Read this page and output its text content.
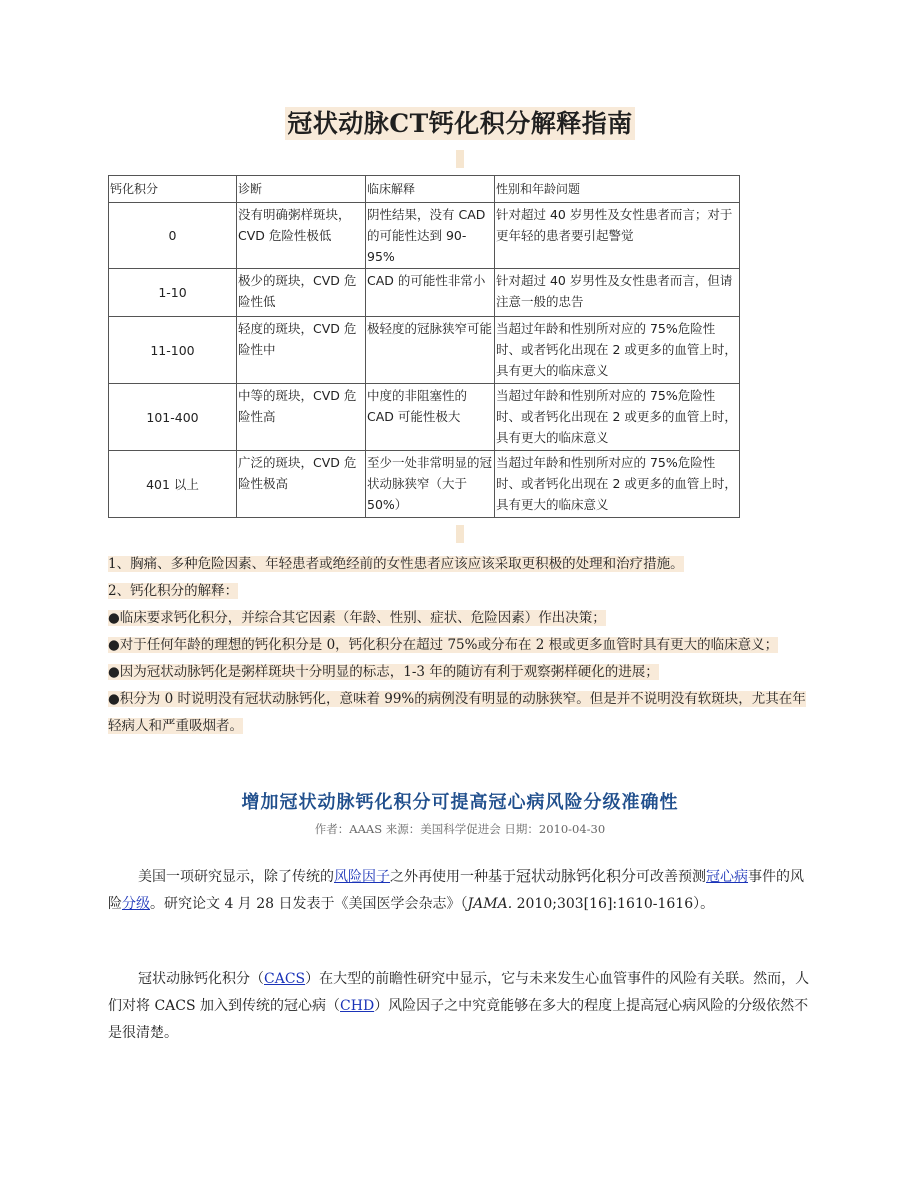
冠状动脉CT钙化积分解释指南
钙化积分	诊断	临床解释	性别和年龄问题
0	没有明确粥样斑块，CVD 危险性极低	阴性结果，没有 CAD 的可能性达到 90-95%	针对超过 40 岁男性及女性患者而言；对于更年轻的患者要引起警觉
1-10	极少的斑块，CVD 危险性低	CAD 的可能性非常小	针对超过 40 岁男性及女性患者而言，但请注意一般的忠告
11-100	轻度的斑块，CVD 危险性中	极轻度的冠脉狭窄可能	当超过年龄和性别所对应的 75%危险性时、或者钙化出现在 2 或更多的血管上时，具有更大的临床意义
101-400	中等的斑块，CVD 危险性高	中度的非阻塞性的 CAD 可能性极大	当超过年龄和性别所对应的 75%危险性时、或者钙化出现在 2 或更多的血管上时，具有更大的临床意义
401 以上	广泛的斑块，CVD 危险性极高	至少一处非常明显的冠状动脉狭窄（大于 50%）	当超过年龄和性别所对应的 75%危险性时、或者钙化出现在 2 或更多的血管上时，具有更大的临床意义

1、胸痛、多种危险因素、年轻患者或绝经前的女性患者应该应该采取更积极的处理和治疗措施。

2、钙化积分的解释：

●临床要求钙化积分，并综合其它因素（年龄、性别、症状、危险因素）作出决策；

●对于任何年龄的理想的钙化积分是 0，钙化积分在超过 75%或分布在 2 根或更多血管时具有更大的临床意义；

●因为冠状动脉钙化是粥样斑块十分明显的标志，1-3 年的随访有利于观察粥样硬化的进展；

●积分为 0 时说明没有冠状动脉钙化，意味着 99%的病例没有明显的动脉狭窄。但是并不说明没有软斑块，尤其在年轻病人和严重吸烟者。

增加冠状动脉钙化积分可提高冠心病风险分级准确性
作者：AAAS 来源：美国科学促进会 日期：2010-04-30

美国一项研究显示，除了传统的风险因子之外再使用一种基于冠状动脉钙化积分可改善预测冠心病事件的风险分级。研究论文 4 月 28 日发表于《美国医学会杂志》（JAMA. 2010;303[16]:1610-1616）。

冠状动脉钙化积分（CACS）在大型的前瞻性研究中显示，它与未来发生心血管事件的风险有关联。然而，人们对将 CACS 加入到传统的冠心病（CHD）风险因子之中究竟能够在多大的程度上提高冠心病风险的分级依然不是很清楚。
